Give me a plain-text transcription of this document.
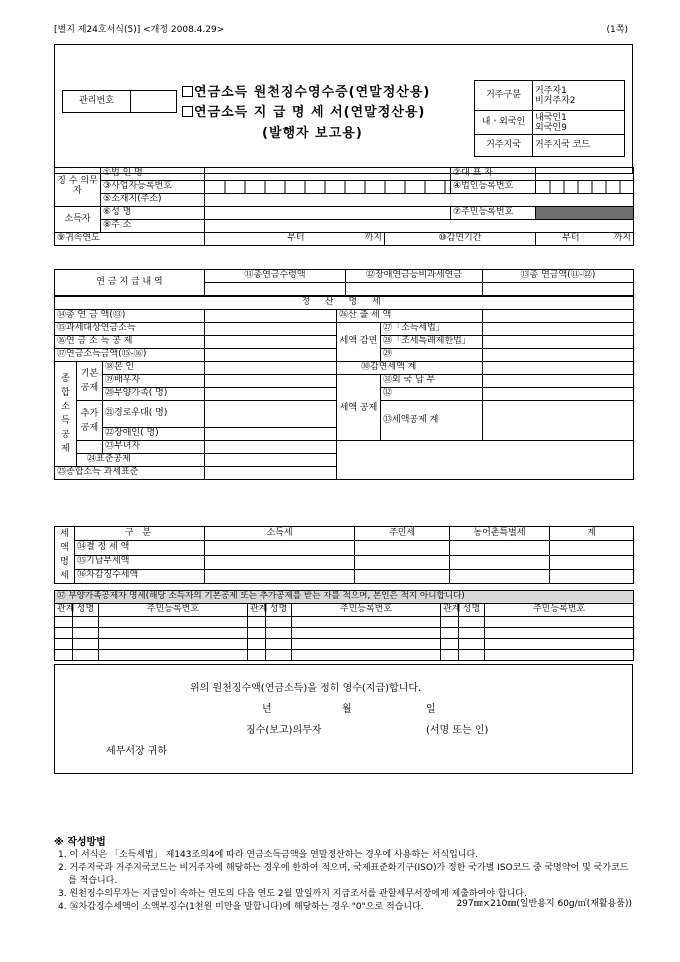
[별지 제24호서식(5)] <개정 2008.4.29>	(1쪽)
관리번호	
연금소득 원천징수영수증(연말정산용)
연금소득 지 급 명 세 서(연말정산용)
(발행자 보고용)
거주구분	거주자1
비거주자2

내ㆍ외국인	내국인1
외국인9

거주지국	거주지국 코드
징 수 의무자	①법 인 명			②대 표 자	
	③사업자등록번호			④법인등록번호	
	⑤소재지(주소)				
소득자	⑥성 명			⑦주민등록번호	
	⑧주 소				
⑨귀속연도		부터 까지	⑩감면기간		부터 까지
연 금 지 급 내 역	⑪총연금수령액	⑫장애연금등비과세연금	⑬총 연금액(⑪-⑫)

정 산 명 세						
⑭총 연 금 액(⑬)				㉖산 출 세 액		
⑮과세대상연금소득				세액 감면	㉗「소득세법」	
⑯연 금 소 득 공 제					㉘「조세특례제한법」	
⑰연금소득금액(⑮-⑯)					㉙	
종합 소득 공제	기본 공제	⑱본 인		㉚감면세액 계		
		⑲배우자		세액 공제	㉛외 국 납 부	
		⑳부양가족( 명)			㉜	
	추가 공제	㉑경로우대( 명)			㉝세액공제 계	

		㉒장애인( 명)				
		㉓부녀자				
	㉔표준공제					
㉕종합소득 과세표준						
세액명세	구 분	소득세	주민세	농어촌특별세	계
	㉞결 정 세 액				
	㉟기납부세액				
	㊱차감징수세액				
㊲ 부양가족공제자 명세(해당 소득자의 기본공제 또는 추가공제를 받는 자를 적으며, 본인은 적지 아니합니다)								
관계	성명	주민등록번호	관계	성명	주민등록번호	관계	성명	주민등록번호

위의 원천징수액(연금소득)을 정히 영수(지급)합니다.
년	월	일
징수(보고)의무자	(서명 또는 인)
세무서장 귀하
※ 작성방법
1. 이 서식은 「소득세법」 제143조의4에 따라 연금소득금액을 연말정산하는 경우에 사용하는 서식입니다.
2. 거주지국과 거주지국코드는 비거주자에 해당하는 경우에 한하여 적으며, 국제표준화기구(ISO)가 정한 국가별 ISO코드 중 국명약어 및 국가코드를 적습니다.
3. 원천징수의무자는 지급일이 속하는 연도의 다음 연도 2월 말일까지 지급조서를 관할세무서장에게 제출하여야 합니다.
4. ㊱차감징수세액이 소액부징수(1천원 미만을 말합니다)에 해당하는 경우 "0"으로 적습니다.	297㎜×210㎜(일반용지 60g/㎡(재활용품))
